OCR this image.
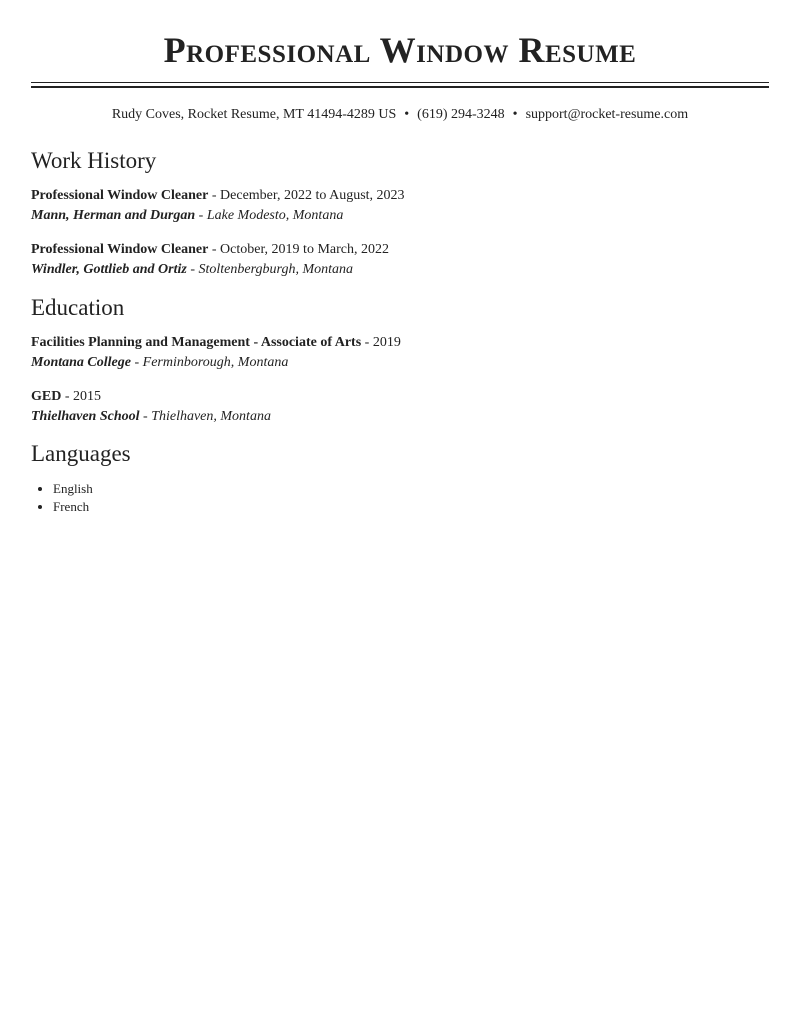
Professional Window Resume
Rudy Coves, Rocket Resume, MT 41494-4289 US • (619) 294-3248 • support@rocket-resume.com
Work History
Professional Window Cleaner - December, 2022 to August, 2023
Mann, Herman and Durgan - Lake Modesto, Montana
Professional Window Cleaner - October, 2019 to March, 2022
Windler, Gottlieb and Ortiz - Stoltenbergburgh, Montana
Education
Facilities Planning and Management - Associate of Arts - 2019
Montana College - Ferminborough, Montana
GED - 2015
Thielhaven School - Thielhaven, Montana
Languages
• English
• French
